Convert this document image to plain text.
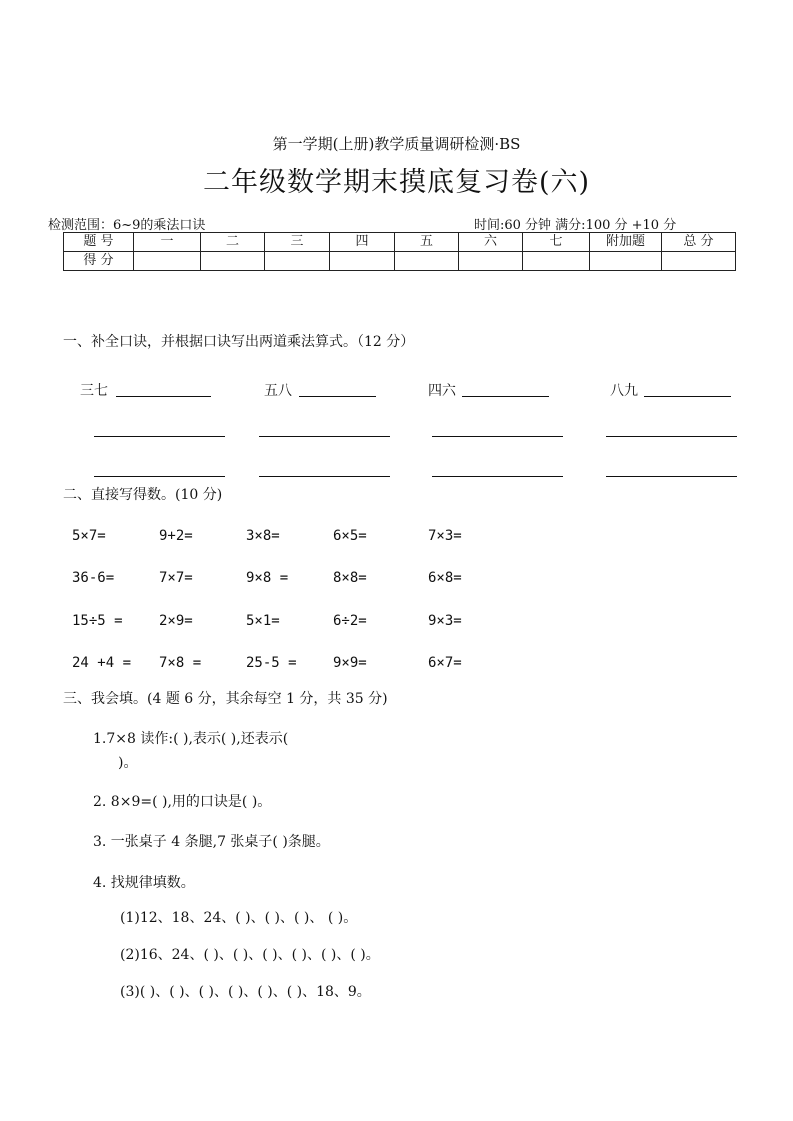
第一学期(上册)教学质量调研检测·BS
二年级数学期末摸底复习卷(六)
检测范围：6~9的乘法口诀	时间:60 分钟 满分:100 分 +10 分
题 号	一	二	三	四	五	六	七	附加题	总 分
得 分									
一、补全口诀，并根据口诀写出两道乘法算式。（12 分）
三七	五八	四六	八九
二、直接写得数。(10 分)
5×7=	9+2=	3×8=	6×5=	7×3=
36-6=	7×7=	9×8 =	8×8=	6×8=
15÷5 =	2×9=	5×1=	6÷2=	9×3=
24 +4 = 7×8 =	25-5 =	9×9=	6×7=
三、我会填。(4 题 6 分，其余每空 1 分，共 35 分)
1.7×8 读作:( ),表示( ),还表示(
)。
2. 8×9=( ),用的口诀是( )。
3. 一张桌子 4 条腿,7 张桌子( )条腿。
4. 找规律填数。
(1)12、18、24、( )、( )、( )、 ( )。
(2)16、24、( )、( )、( )、( )、( )、( )。
(3)( )、( )、( )、( )、( )、( )、18、9。
